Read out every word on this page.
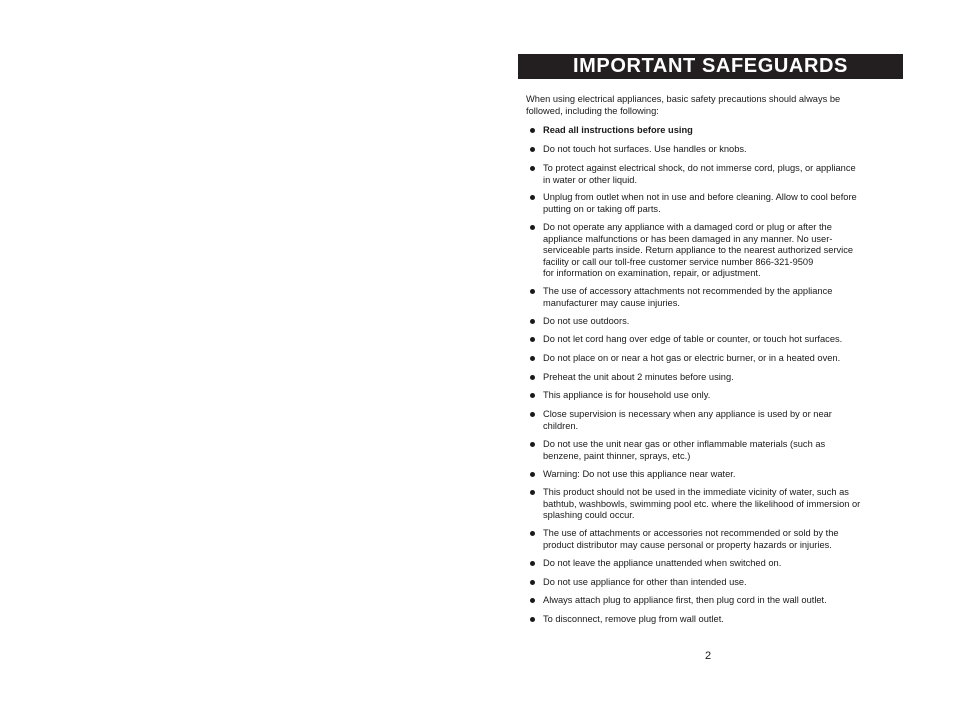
IMPORTANT SAFEGUARDS
When using electrical appliances, basic safety precautions should always be
followed, including the following:
Read all instructions before using
Do not touch hot surfaces. Use handles or knobs.
To protect against electrical shock, do not immerse cord, plugs, or appliance
in water or other liquid.
Unplug from outlet when not in use and before cleaning. Allow to cool before
putting on or taking off parts.
Do not operate any appliance with a damaged cord or plug or after the
appliance malfunctions or has been damaged in any manner. No user-
serviceable parts inside. Return appliance to the nearest authorized service
facility or call our toll-free customer service number 866-321-9509
for information on examination, repair, or adjustment.
The use of accessory attachments not recommended by the appliance
manufacturer may cause injuries.
Do not use outdoors.
Do not let cord hang over edge of table or counter, or touch hot surfaces.
Do not place on or near a hot gas or electric burner, or in a heated oven.
Preheat the unit about 2 minutes before using.
This appliance is for household use only.
Close supervision is necessary when any appliance is used by or near
children.
Do not use the unit near gas or other inflammable materials (such as
benzene, paint thinner, sprays, etc.)
Warning: Do not use this appliance near water.
This product should not be used in the immediate vicinity of water, such as
bathtub, washbowls, swimming pool etc. where the likelihood of immersion or
splashing could occur.
The use of attachments or accessories not recommended or sold by the
product distributor may cause personal or property hazards or injuries.
Do not leave the appliance unattended when switched on.
Do not use appliance for other than intended use.
Always attach plug to appliance first, then plug cord in the wall outlet.
To disconnect, remove plug from wall outlet.
2
